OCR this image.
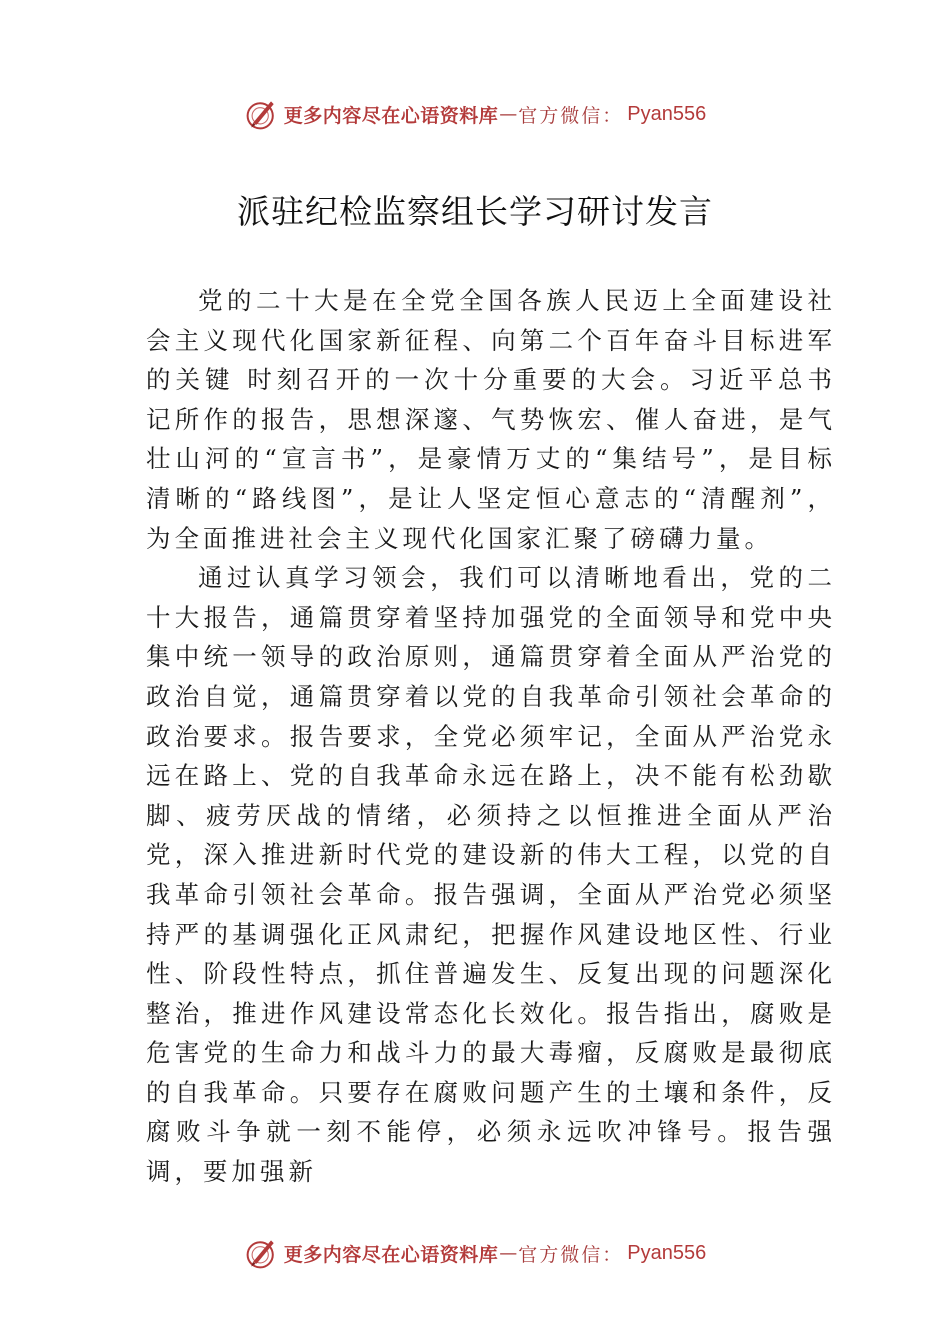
更多内容尽在心语资料库 — 官方微信： Pyan556
派驻纪检监察组长学习研讨发言

党的二十大是在全党全国各族人民迈上全面建设社会主义现代化国家新征程、向第二个百年奋斗目标进军的关键 时刻召开的一次十分重要的大会。习近平总书记所作的报告，思想深邃、气势恢宏、催人奋进，是气壮山河的“宣言书”，是豪情万丈的“集结号”，是目标清晰的“路线图”，是让人坚定恒心意志的“清醒剂”，为全面推进社会主义现代化国家汇聚了磅礴力量。

通过认真学习领会，我们可以清晰地看出，党的二十大报告，通篇贯穿着坚持加强党的全面领导和党中央集中统一领导的政治原则，通篇贯穿着全面从严治党的政治自觉，通篇贯穿着以党的自我革命引领社会革命的政治要求。报告要求，全党必须牢记，全面从严治党永远在路上、党的自我革命永远在路上，决不能有松劲歇脚、疲劳厌战的情绪，必须持之以恒推进全面从严治党，深入推进新时代党的建设新的伟大工程，以党的自我革命引领社会革命。报告强调，全面从严治党必须坚持严的基调强化正风肃纪，把握作风建设地区性、行业性、阶段性特点，抓住普遍发生、反复出现的问题深化整治，推进作风建设常态化长效化。报告指出，腐败是危害党的生命力和战斗力的最大毒瘤，反腐败是最彻底的自我革命。只要存在腐败问题产生的土壤和条件，反腐败斗争就一刻不能停，必须永远吹冲锋号。报告强调，要加强新

更多内容尽在心语资料库 — 官方微信： Pyan556
